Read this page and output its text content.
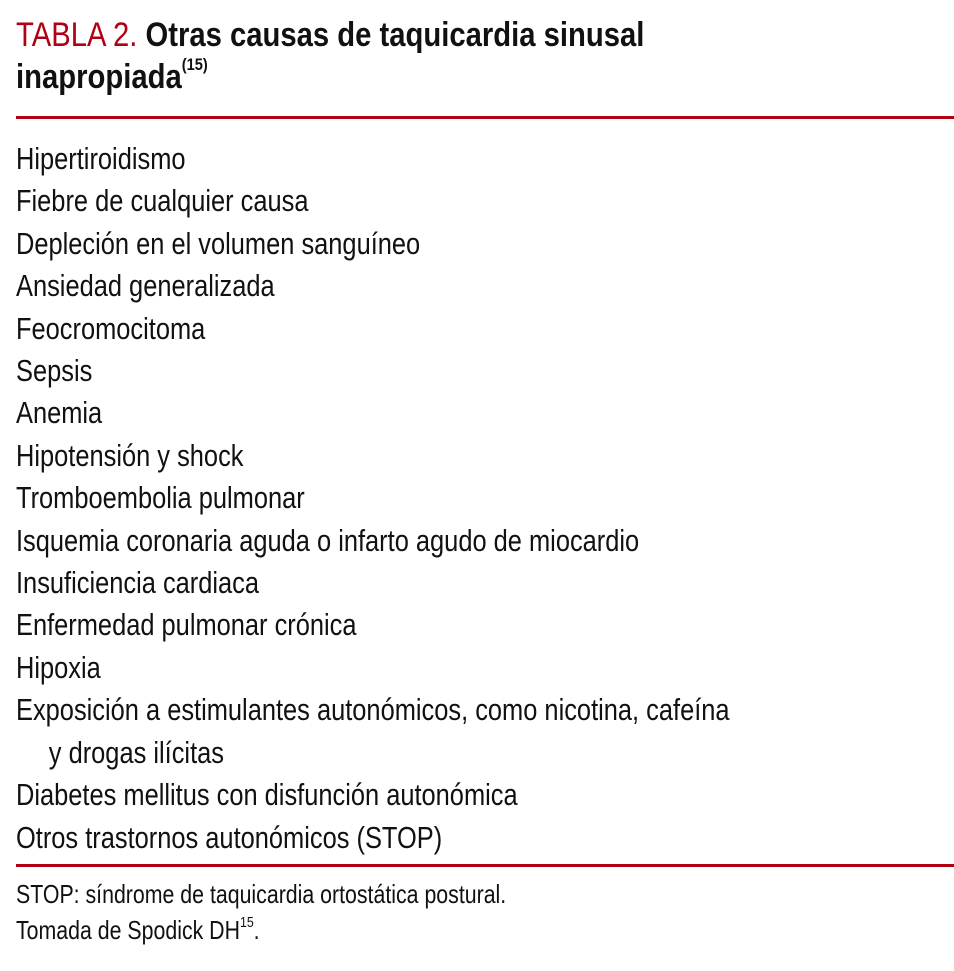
TABLA 2. Otras causas de taquicardia sinusal
inapropiada$^{(15)}$
Hipertiroidismo
Fiebre de cualquier causa
Depleción en el volumen sanguíneo
Ansiedad generalizada
Feocromocitoma
Sepsis
Anemia
Hipotensión y shock
Tromboembolia pulmonar
Isquemia coronaria aguda o infarto agudo de miocardio
Insuficiencia cardiaca
Enfermedad pulmonar crónica
Hipoxia
Exposición a estimulantes autonómicos, como nicotina, cafeína
y drogas ilícitas
Diabetes mellitus con disfunción autonómica
Otros trastornos autonómicos (STOP)
STOP: síndrome de taquicardia ortostática postural.
Tomada de Spodick DH$^{15}$.
